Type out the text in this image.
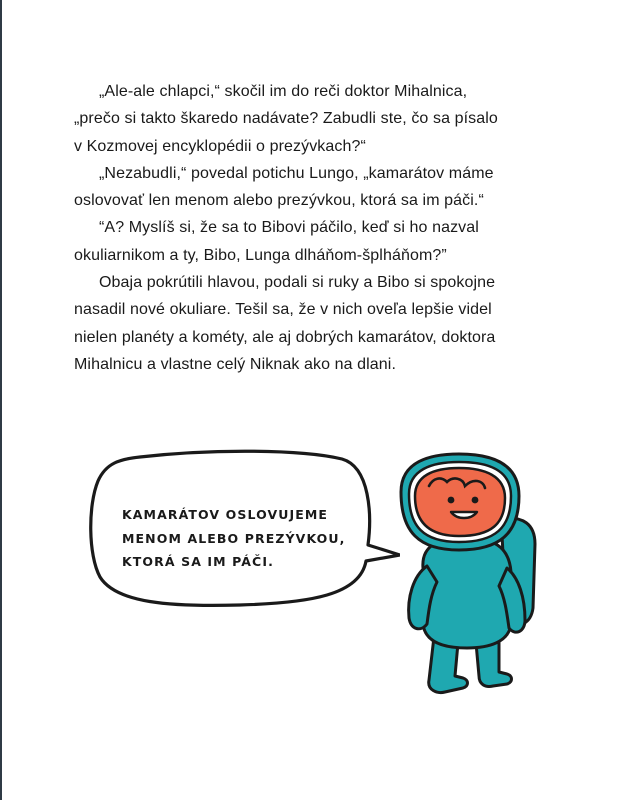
„Ale-ale chlapci,“ skočil im do reči doktor Mihalnica,
„prečo si takto škaredo nadávate? Zabudli ste, čo sa písalo
v Kozmovej encyklopédii o prezývkach?“
„Nezabudli,“ povedal potichu Lungo, „kamarátov máme
oslovovať len menom alebo prezývkou, ktorá sa im páči.“
“A? Myslíš si, že sa to Bibovi páčilo, keď si ho nazval
okuliarnikom a ty, Bibo, Lunga dlháňom-šplháňom?”
Obaja pokrútili hlavou, podali si ruky a Bibo si spokojne
nasadil nové okuliare. Tešil sa, že v nich oveľa lepšie videl
nielen planéty a kométy, ale aj dobrých kamarátov, doktora
Mihalnicu a vlastne celý Niknak ako na dlani.
KAMARÁTOV OSLOVUJEME
MENOM ALEBO PREZÝVKOU,
KTORÁ SA IM PÁČI.
